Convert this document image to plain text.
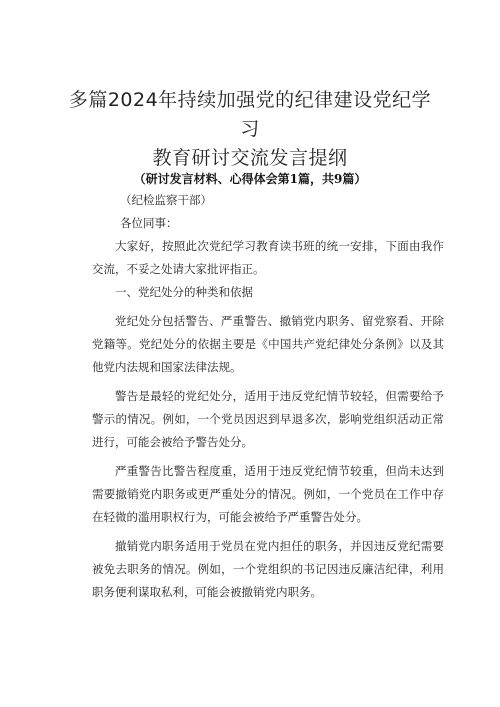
多篇2024年持续加强党的纪律建设党纪学习
教育研讨交流发言提纲
（研讨发言材料、心得体会第1篇，共9篇）

（纪检监察干部）

各位同事：

大家好，按照此次党纪学习教育读书班的统一安排，下面由我作交流，不妥之处请大家批评指正。

一、党纪处分的种类和依据

党纪处分包括警告、严重警告、撤销党内职务、留党察看、开除党籍等。党纪处分的依据主要是《中国共产党纪律处分条例》以及其他党内法规和国家法律法规。

警告是最轻的党纪处分，适用于违反党纪情节较轻，但需要给予警示的情况。例如，一个党员因迟到早退多次，影响党组织活动正常进行，可能会被给予警告处分。

严重警告比警告程度重，适用于违反党纪情节较重，但尚未达到需要撤销党内职务或更严重处分的情况。例如，一个党员在工作中存在轻微的滥用职权行为，可能会被给予严重警告处分。

撤销党内职务适用于党员在党内担任的职务，并因违反党纪需要被免去职务的情况。例如，一个党组织的书记因违反廉洁纪律，利用职务便利谋取私利，可能会被撤销党内职务。
